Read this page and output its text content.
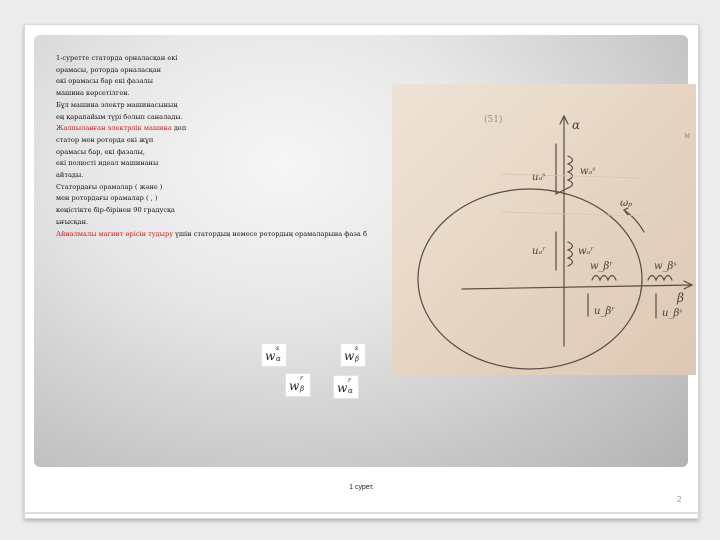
1-суретте статорда орналасқан екі
орамасы, роторда орналасқан
екі орамасы бар екі фазалы
машина көрсетілген.
Бұл машина электр машинасының
ең қарапайым түрі болып саналады.
Жалпыланған электрлік машина деп
статор мен роторда екі жұп
орамасы бар, екі фазалы,
екі полюсті идеал машинаны
айтады.
Статордағы орамалар ( және )
мен ротордағы орамалар ( , )
кеңістікте бір-бірінен 90 градусқа
ығысқан.
Айналмалы магнит өрісін тудыру үшін статордың немесе ротордың орамаларына фаза б
α
β
uₐˢ
wₐˢ
ωₚ
uₐʳ	wₐʳ
w_βʳ	w_βˢ
u_βʳ	u_βˢ
(51)
м
w
s
α	w
s
β
w
r
β	w
r
α
1 сурет.
2
